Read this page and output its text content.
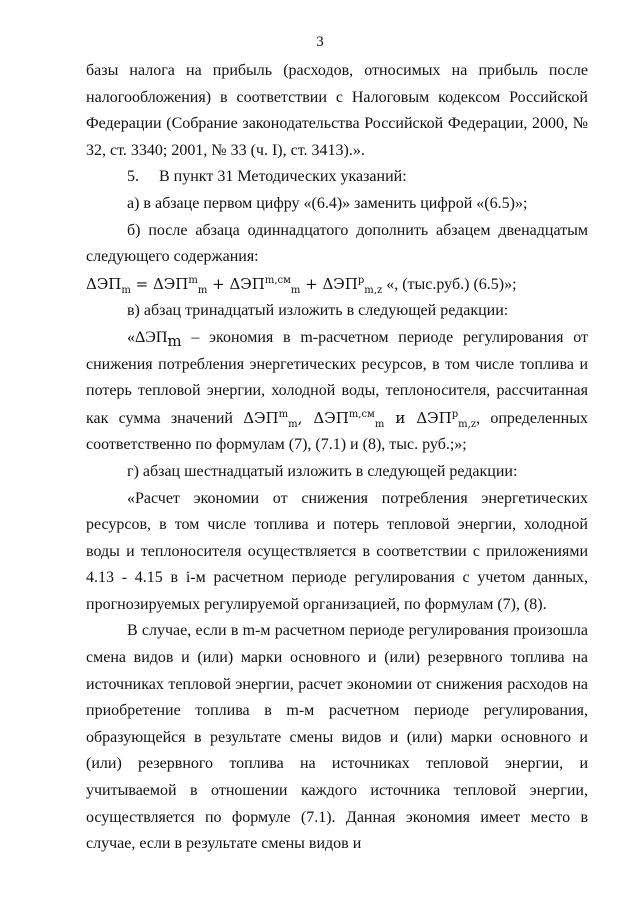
3

базы налога на прибыль (расходов, относимых на прибыль после налогообложения) в соответствии с Налоговым кодексом Российской Федерации (Собрание законодательства Российской Федерации, 2000, № 32, ст. 3340; 2001, № 33 (ч. I), ст. 3413).».

5.     В пункт 31 Методических указаний:

а) в абзаце первом цифру «(6.4)» заменить цифрой «(6.5)»;

б) после абзаца одиннадцатого дополнить абзацем двенадцатым следующего содержания:

$\Delta ЭП_m = \Delta ЭП^m_m + \Delta ЭП^{m,см}_m + \Delta ЭП^p_{m,z}$ «, (тыс.руб.) (6.5)»;

в) абзац тринадцатый изложить в следующей редакции:

«$\Delta ЭП_m$ – экономия в m-расчетном периоде регулирования от снижения потребления энергетических ресурсов, в том числе топлива и потерь тепловой энергии, холодной воды, теплоносителя, рассчитанная как сумма значений $\Delta ЭП^m_m$, $\Delta ЭП^{m,см}_m$ и $\Delta ЭП^p_{m,z}$, определенных соответственно по формулам (7), (7.1) и (8), тыс. руб.;»;

г) абзац шестнадцатый изложить в следующей редакции:

«Расчет экономии от снижения потребления энергетических ресурсов, в том числе топлива и потерь тепловой энергии, холодной воды и теплоносителя осуществляется в соответствии с приложениями 4.13 - 4.15 в i-м расчетном периоде регулирования с учетом данных, прогнозируемых регулируемой организацией, по формулам (7), (8).

В случае, если в m-м расчетном периоде регулирования произошла смена видов и (или) марки основного и (или) резервного топлива на источниках тепловой энергии, расчет экономии от снижения расходов на приобретение топлива в m-м расчетном периоде регулирования, образующейся в результате смены видов и (или) марки основного и (или) резервного топлива на источниках тепловой энергии, и учитываемой в отношении каждого источника тепловой энергии, осуществляется по формуле (7.1). Данная экономия имеет место в случае, если в результате смены видов и
